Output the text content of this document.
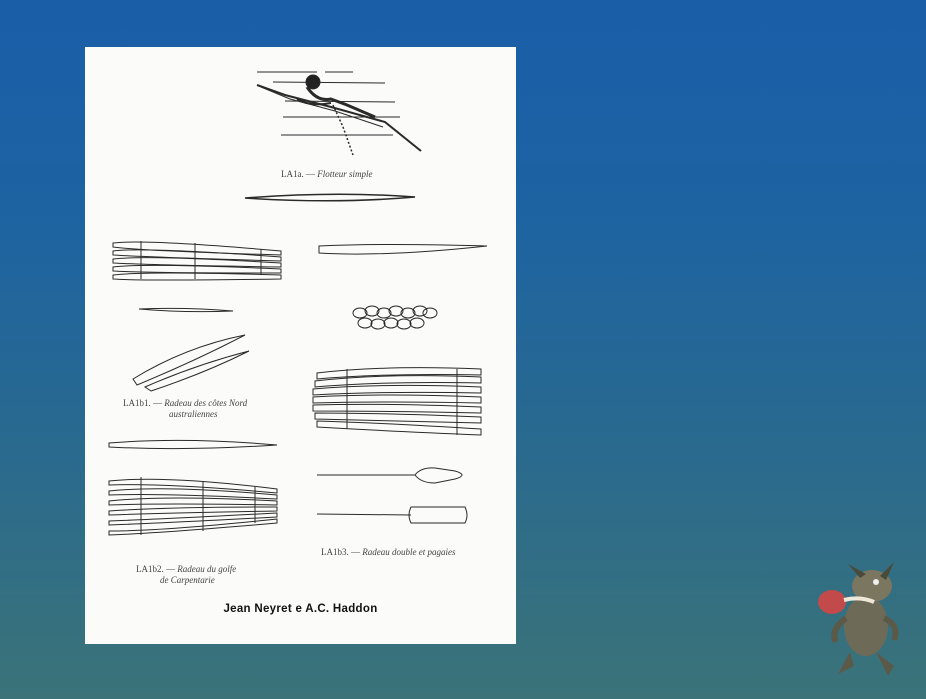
LA1a. — Flotteur simple
LA1b1. — Radeau des côtes Nord
australiennes
LA1b2. — Radeau du golfe
de Carpentarie
LA1b3. — Radeau double et pagaies
Jean Neyret e A.C. Haddon
